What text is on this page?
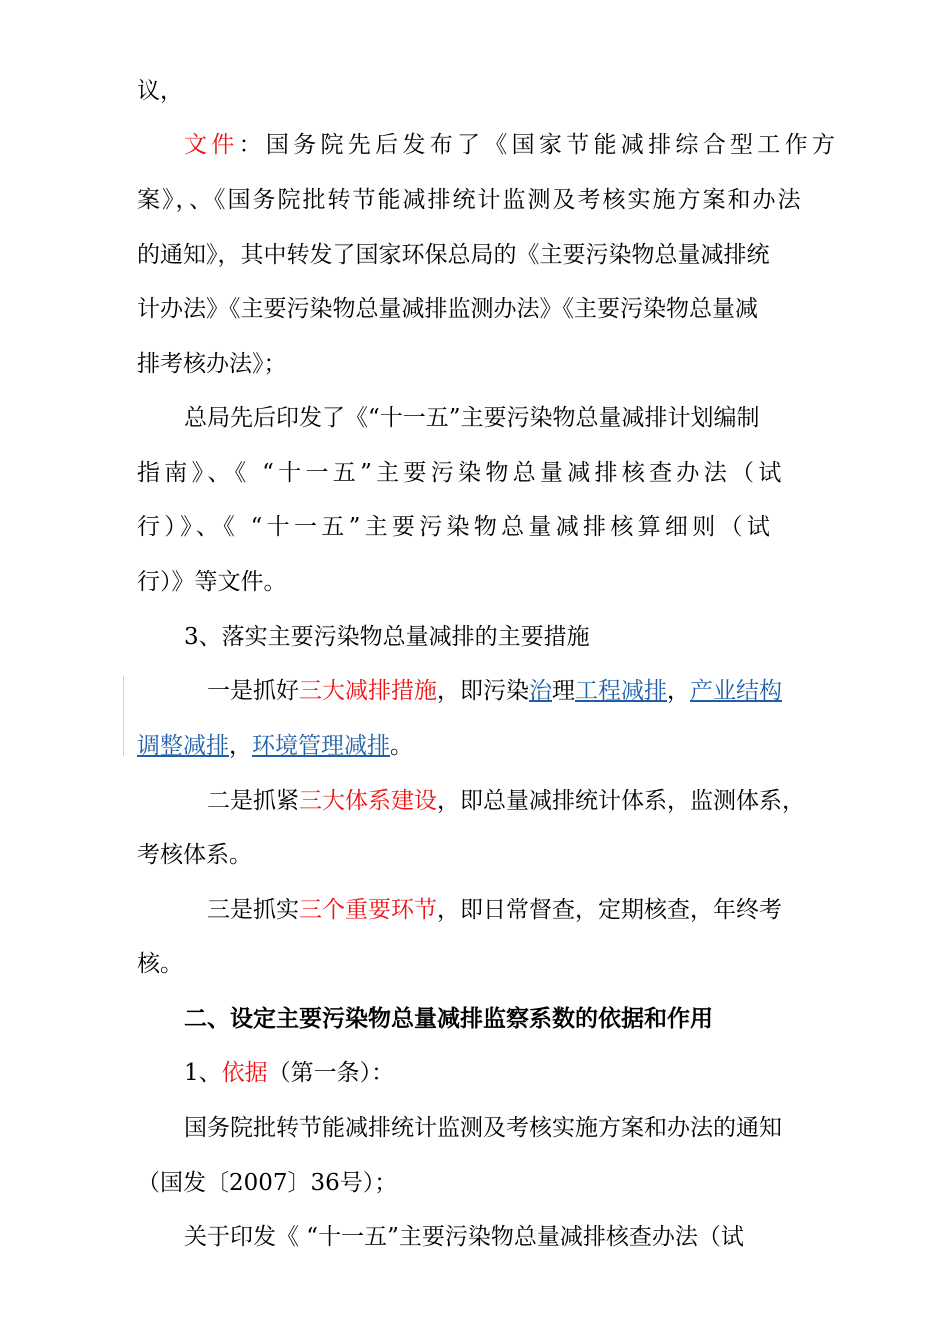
议，
文件：国务院先后发布了《国家节能减排综合型工作方
案》，、《国务院批转节能减排统计监测及考核实施方案和办法
的通知》，其中转发了国家环保总局的《主要污染物总量减排统
计办法》《主要污染物总量减排监测办法》《主要污染物总量减
排考核办法》；
总局先后印发了《“十一五”主要污染物总量减排计划编制
指南》、《 “十一五”主要污染物总量减排核查办法（试
行）》、《 “十一五”主要污染物总量减排核算细则（试
行）》等文件。
3、落实主要污染物总量减排的主要措施
一是抓好三大减排措施，即污染治理工程减排，产业结构
调整减排，环境管理减排。
二是抓紧三大体系建设，即总量减排统计体系，监测体系，
考核体系。
三是抓实三个重要环节，即日常督查，定期核查，年终考
核。
二、设定主要污染物总量减排监察系数的依据和作用
1、依据（第一条）：
国务院批转节能减排统计监测及考核实施方案和办法的通知
（国发〔2007〕36号）；
关于印发《 “十一五”主要污染物总量减排核查办法（试
